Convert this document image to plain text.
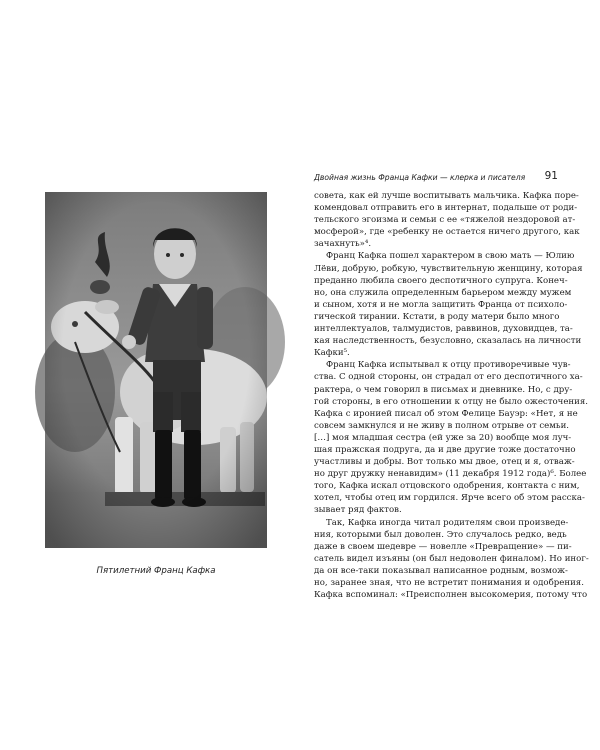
Пятилетний Франц Кафка
Двойная жизнь Франца Кафки — клерка и писателя	91
совета, как ей лучше воспитывать мальчика. Кафка поре-
комендовал отправить его в интернат, подальше от роди-
тельского эгоизма и семьи с ее «тяжелой нездоровой ат-
мосферой», где «ребенку не остается ничего другого, как
зачахнуть»⁴.
Франц Кафка пошел характером в свою мать — Юлию
Лёви, добрую, робкую, чувствительную женщину, которая
преданно любила своего деспотичного супруга. Конеч-
но, она служила определенным барьером между мужем
и сыном, хотя и не могла защитить Франца от психоло-
гической тирании. Кстати, в роду матери было много
интеллектуалов, талмудистов, раввинов, духовидцев, та-
кая наследственность, безусловно, сказалась на личности
Кафки⁵.
Франц Кафка испытывал к отцу противоречивые чув-
ства. С одной стороны, он страдал от его деспотичного ха-
рактера, о чем говорил в письмах и дневнике. Но, с дру-
гой стороны, в его отношении к отцу не было ожесточения.
Кафка с иронией писал об этом Фелице Бауэр: «Нет, я не
совсем замкнулся и не живу в полном отрыве от семьи.
[…] моя младшая сестра (ей уже за 20) вообще моя луч-
шая пражская подруга, да и две другие тоже достаточно
участливы и добры. Вот только мы двое, отец и я, отваж-
но друг дружку ненавидим» (11 декабря 1912 года)⁶. Более
того, Кафка искал отцовского одобрения, контакта с ним,
хотел, чтобы отец им гордился. Ярче всего об этом расска-
зывает ряд фактов.
Так, Кафка иногда читал родителям свои произведе-
ния, которыми был доволен. Это случалось редко, ведь
даже в своем шедевре — новелле «Превращение» — пи-
сатель видел изъяны (он был недоволен финалом). Но иног-
да он все-таки показывал написанное родным, возмож-
но, заранее зная, что не встретит понимания и одобрения.
Кафка вспоминал: «Преисполнен высокомерия, потому что
